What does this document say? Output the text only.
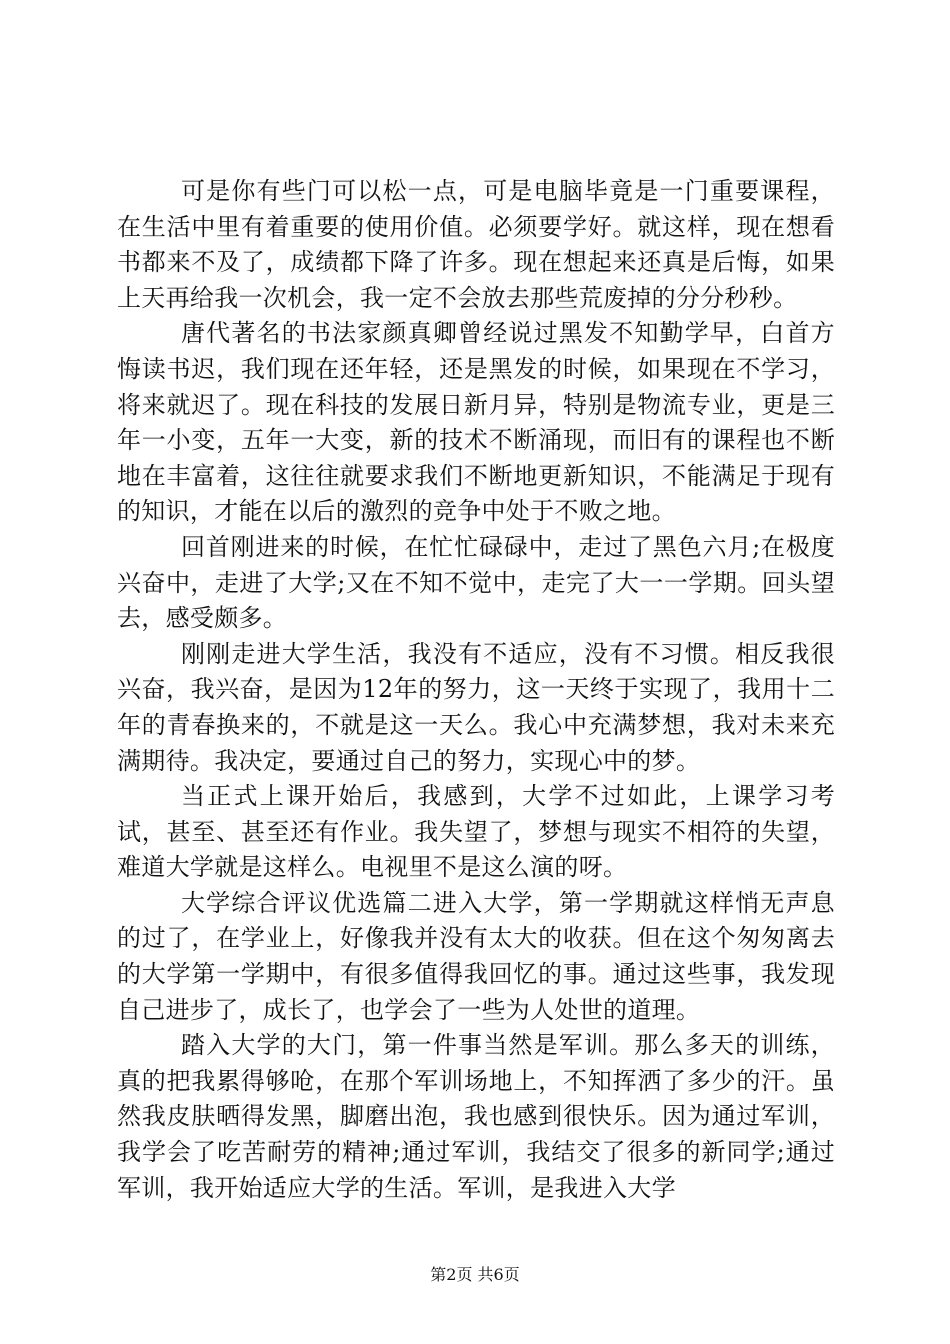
可是你有些门可以松一点，可是电脑毕竟是一门重要课程，在生活中里有着重要的使用价值。必须要学好。就这样，现在想看书都来不及了，成绩都下降了许多。现在想起来还真是后悔，如果上天再给我一次机会，我一定不会放去那些荒废掉的分分秒秒。

唐代著名的书法家颜真卿曾经说过黑发不知勤学早，白首方悔读书迟，我们现在还年轻，还是黑发的时候，如果现在不学习，将来就迟了。现在科技的发展日新月异，特别是物流专业，更是三年一小变，五年一大变，新的技术不断涌现，而旧有的课程也不断地在丰富着，这往往就要求我们不断地更新知识，不能满足于现有的知识，才能在以后的激烈的竞争中处于不败之地。

回首刚进来的时候，在忙忙碌碌中，走过了黑色六月;在极度兴奋中，走进了大学;又在不知不觉中，走完了大一一学期。回头望去，感受颇多。

刚刚走进大学生活，我没有不适应，没有不习惯。相反我很兴奋，我兴奋，是因为12年的努力，这一天终于实现了，我用十二年的青春换来的，不就是这一天么。我心中充满梦想，我对未来充满期待。我决定，要通过自己的努力，实现心中的梦。

当正式上课开始后，我感到，大学不过如此，上课学习考试，甚至、甚至还有作业。我失望了，梦想与现实不相符的失望，难道大学就是这样么。电视里不是这么演的呀。

大学综合评议优选篇二进入大学，第一学期就这样悄无声息的过了，在学业上，好像我并没有太大的收获。但在这个匆匆离去的大学第一学期中，有很多值得我回忆的事。通过这些事，我发现自己进步了，成长了，也学会了一些为人处世的道理。

踏入大学的大门，第一件事当然是军训。那么多天的训练，真的把我累得够呛，在那个军训场地上，不知挥洒了多少的汗。虽然我皮肤晒得发黑，脚磨出泡，我也感到很快乐。因为通过军训，我学会了吃苦耐劳的精神;通过军训，我结交了很多的新同学;通过军训，我开始适应大学的生活。军训，是我进入大学

第2页 共6页
